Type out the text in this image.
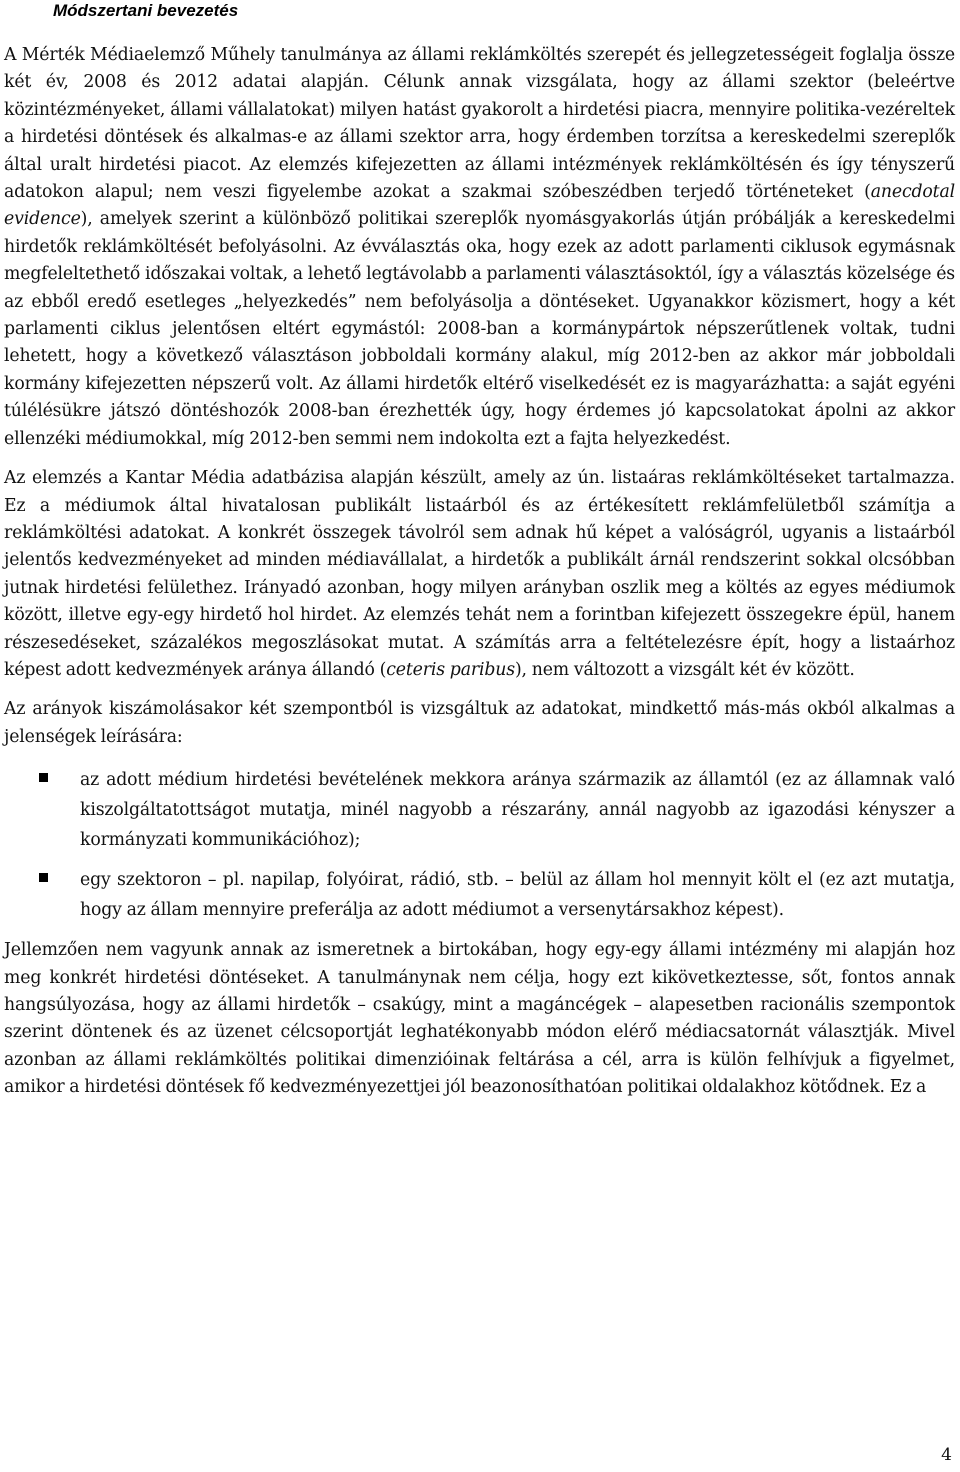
Módszertani bevezetés

A Mérték Médiaelemző Műhely tanulmánya az állami reklámköltés szerepét és jellegzetességeit foglalja össze két év, 2008 és 2012 adatai alapján. Célunk annak vizsgálata, hogy az állami szektor (beleértve közintézményeket, állami vállalatokat) milyen hatást gyakorolt a hirdetési piacra, mennyire politika-vezéreltek a hirdetési döntések és alkalmas-e az állami szektor arra, hogy érdemben torzítsa a kereskedelmi szereplők által uralt hirdetési piacot. Az elemzés kifejezetten az állami intézmények reklámköltésén és így tényszerű adatokon alapul; nem veszi figyelembe azokat a szakmai szóbeszédben terjedő történeteket (anecdotal evidence), amelyek szerint a különböző politikai szereplők nyomásgyakorlás útján próbálják a kereskedelmi hirdetők reklámköltését befolyásolni. Az évválasztás oka, hogy ezek az adott parlamenti ciklusok egymásnak megfeleltethető időszakai voltak, a lehető legtávolabb a parlamenti választásoktól, így a választás közelsége és az ebből eredő esetleges „helyezkedés” nem befolyásolja a döntéseket. Ugyanakkor közismert, hogy a két parlamenti ciklus jelentősen eltért egymástól: 2008-ban a kormánypártok népszerűtlenek voltak, tudni lehetett, hogy a következő választáson jobboldali kormány alakul, míg 2012-ben az akkor már jobboldali kormány kifejezetten népszerű volt. Az állami hirdetők eltérő viselkedését ez is magyarázhatta: a saját egyéni túlélésükre játszó döntéshozók 2008-ban érezhették úgy, hogy érdemes jó kapcsolatokat ápolni az akkor ellenzéki médiumokkal, míg 2012-ben semmi nem indokolta ezt a fajta helyezkedést.

Az elemzés a Kantar Média adatbázisa alapján készült, amely az ún. listaáras reklámköltéseket tartalmazza. Ez a médiumok által hivatalosan publikált listaárból és az értékesített reklámfelületből számítja a reklámköltési adatokat. A konkrét összegek távolról sem adnak hű képet a valóságról, ugyanis a listaárból jelentős kedvezményeket ad minden médiavállalat, a hirdetők a publikált árnál rendszerint sokkal olcsóbban jutnak hirdetési felülethez. Irányadó azonban, hogy milyen arányban oszlik meg a költés az egyes médiumok között, illetve egy-egy hirdető hol hirdet. Az elemzés tehát nem a forintban kifejezett összegekre épül, hanem részesedéseket, százalékos megoszlásokat mutat. A számítás arra a feltételezésre épít, hogy a listaárhoz képest adott kedvezmények aránya állandó (ceteris paribus), nem változott a vizsgált két év között.

Az arányok kiszámolásakor két szempontból is vizsgáltuk az adatokat, mindkettő más-más okból alkalmas a jelenségek leírására:

az adott médium hirdetési bevételének mekkora aránya származik az államtól (ez az államnak való kiszolgáltatottságot mutatja, minél nagyobb a részarány, annál nagyobb az igazodási kényszer a kormányzati kommunikációhoz);
egy szektoron – pl. napilap, folyóirat, rádió, stb. – belül az állam hol mennyit költ el (ez azt mutatja, hogy az állam mennyire preferálja az adott médiumot a versenytársakhoz képest).

Jellemzően nem vagyunk annak az ismeretnek a birtokában, hogy egy-egy állami intézmény mi alapján hoz meg konkrét hirdetési döntéseket. A tanulmánynak nem célja, hogy ezt kikövetkeztesse, sőt, fontos annak hangsúlyozása, hogy az állami hirdetők – csakúgy, mint a magáncégek – alapesetben racionális szempontok szerint döntenek és az üzenet célcsoportját leghatékonyabb módon elérő médiacsatornát választják. Mivel azonban az állami reklámköltés politikai dimenzióinak feltárása a cél, arra is külön felhívjuk a figyelmet, amikor a hirdetési döntések fő kedvezményezettjei jól beazonosíthatóan politikai oldalakhoz kötődnek. Ez a

4
